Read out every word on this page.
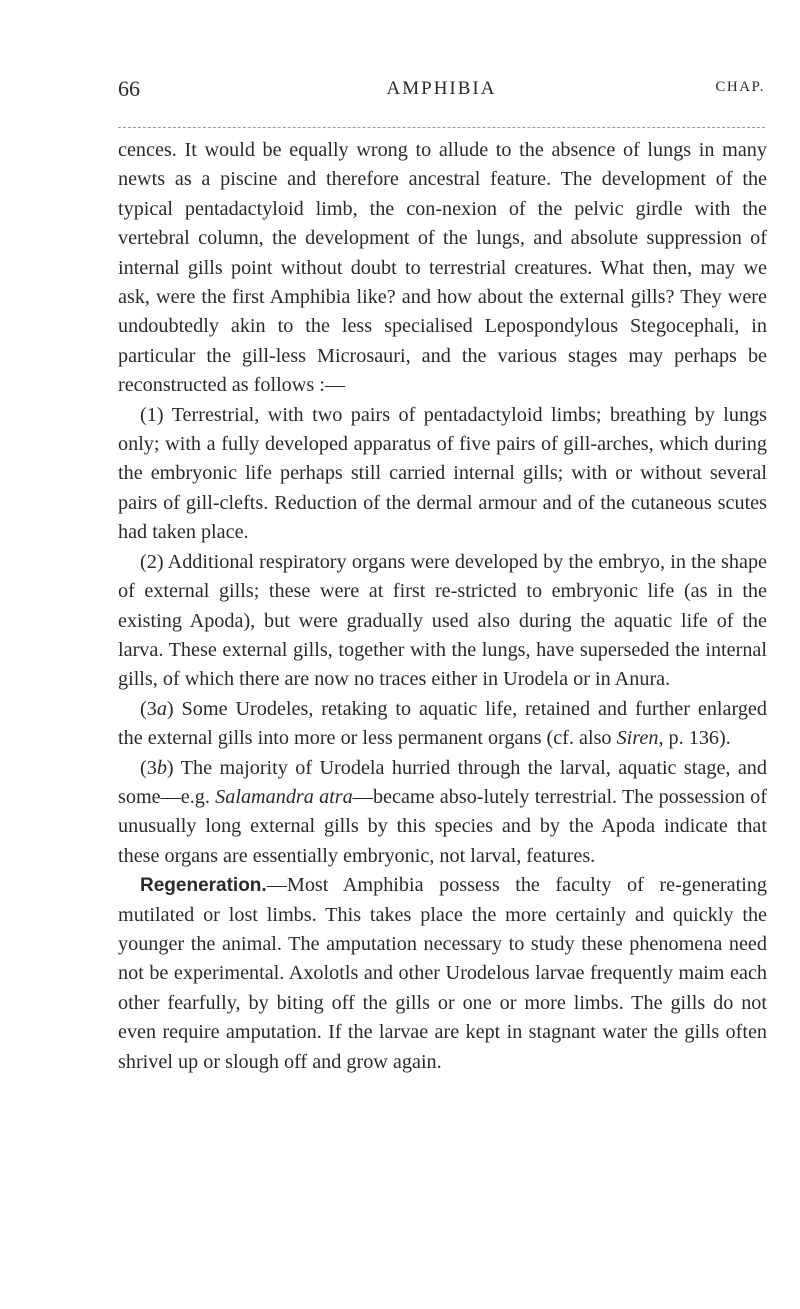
66	AMPHIBIA	CHAP.

cences. It would be equally wrong to allude to the absence of lungs in many newts as a piscine and therefore ancestral feature. The development of the typical pentadactyloid limb, the con-nexion of the pelvic girdle with the vertebral column, the development of the lungs, and absolute suppression of internal gills point without doubt to terrestrial creatures. What then, may we ask, were the first Amphibia like? and how about the external gills? They were undoubtedly akin to the less specialised Lepospondylous Stegocephali, in particular the gill-less Microsauri, and the various stages may perhaps be reconstructed as follows :—

(1) Terrestrial, with two pairs of pentadactyloid limbs; breathing by lungs only; with a fully developed apparatus of five pairs of gill-arches, which during the embryonic life perhaps still carried internal gills; with or without several pairs of gill-clefts. Reduction of the dermal armour and of the cutaneous scutes had taken place.

(2) Additional respiratory organs were developed by the embryo, in the shape of external gills; these were at first re-stricted to embryonic life (as in the existing Apoda), but were gradually used also during the aquatic life of the larva. These external gills, together with the lungs, have superseded the internal gills, of which there are now no traces either in Urodela or in Anura.

(3a) Some Urodeles, retaking to aquatic life, retained and further enlarged the external gills into more or less permanent organs (cf. also Siren, p. 136).

(3b) The majority of Urodela hurried through the larval, aquatic stage, and some—e.g. Salamandra atra—became abso-lutely terrestrial. The possession of unusually long external gills by this species and by the Apoda indicate that these organs are essentially embryonic, not larval, features.

Regeneration.—Most Amphibia possess the faculty of re-generating mutilated or lost limbs. This takes place the more certainly and quickly the younger the animal. The amputation necessary to study these phenomena need not be experimental. Axolotls and other Urodelous larvae frequently maim each other fearfully, by biting off the gills or one or more limbs. The gills do not even require amputation. If the larvae are kept in stagnant water the gills often shrivel up or slough off and grow again.
